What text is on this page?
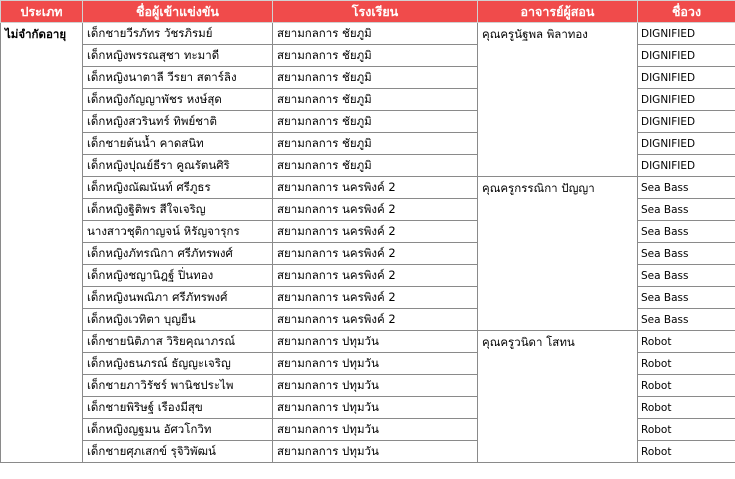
ประเภท	ชื่อผู้เข้าแข่งขัน	โรงเรียน	อาจารย์ผู้สอน	ชื่อวง
ไม่จำกัดอายุ	เด็กชายวีรภัทร วัชรภิรมย์	สยามกลการ ชัยภูมิ	คุณครูนัฐพล พิลาทอง	DIGNIFIED
	เด็กหญิงพรรณสุชา ทะมาดี	สยามกลการ ชัยภูมิ		DIGNIFIED
	เด็กหญิงนาตาลี วีรยา สตาร์ลิง	สยามกลการ ชัยภูมิ		DIGNIFIED
	เด็กหญิงกัญญาพัชร หงษ์สุด	สยามกลการ ชัยภูมิ		DIGNIFIED
	เด็กหญิงสวรินทร์ ทิพย์ชาติ	สยามกลการ ชัยภูมิ		DIGNIFIED
	เด็กชายต้นน้ำ คาดสนิท	สยามกลการ ชัยภูมิ		DIGNIFIED
	เด็กหญิงปุณย์ธีรา คูณรัตนศิริ	สยามกลการ ชัยภูมิ		DIGNIFIED
	เด็กหญิงณัฒนันท์ ศรีภูธร	สยามกลการ นครพิงค์ 2	คุณครูกรรณิกา ปัญญา	Sea Bass
	เด็กหญิงฐิติพร สีใจเจริญ	สยามกลการ นครพิงค์ 2		Sea Bass
	นางสาวชุติกาญจน์ หิรัญจารุกร	สยามกลการ นครพิงค์ 2		Sea Bass
	เด็กหญิงภัทรณิกา ศรีภัทรพงศ์	สยามกลการ นครพิงค์ 2		Sea Bass
	เด็กหญิงชญานิฎฐ์ ปิ่นทอง	สยามกลการ นครพิงค์ 2		Sea Bass
	เด็กหญิงนพณิภา ศรีภัทรพงศ์	สยามกลการ นครพิงค์ 2		Sea Bass
	เด็กหญิงเวทิตา บุญยืน	สยามกลการ นครพิงค์ 2		Sea Bass
	เด็กชายนิติภาส วิริยคุณาภรณ์	สยามกลการ ปทุมวัน	คุณครูวนิดา โสทน	Robot
	เด็กหญิงธนภรณ์ ธัญญะเจริญ	สยามกลการ ปทุมวัน		Robot
	เด็กชายภาวิรัชร์ พานิชประไพ	สยามกลการ ปทุมวัน		Robot
	เด็กชายพิริษฐ์ เรืองมีสุข	สยามกลการ ปทุมวัน		Robot
	เด็กหญิงญฐมน อัศวโกวิท	สยามกลการ ปทุมวัน		Robot
	เด็กชายศุภเสกข์ รุจิวิพัฒน์	สยามกลการ ปทุมวัน		Robot
